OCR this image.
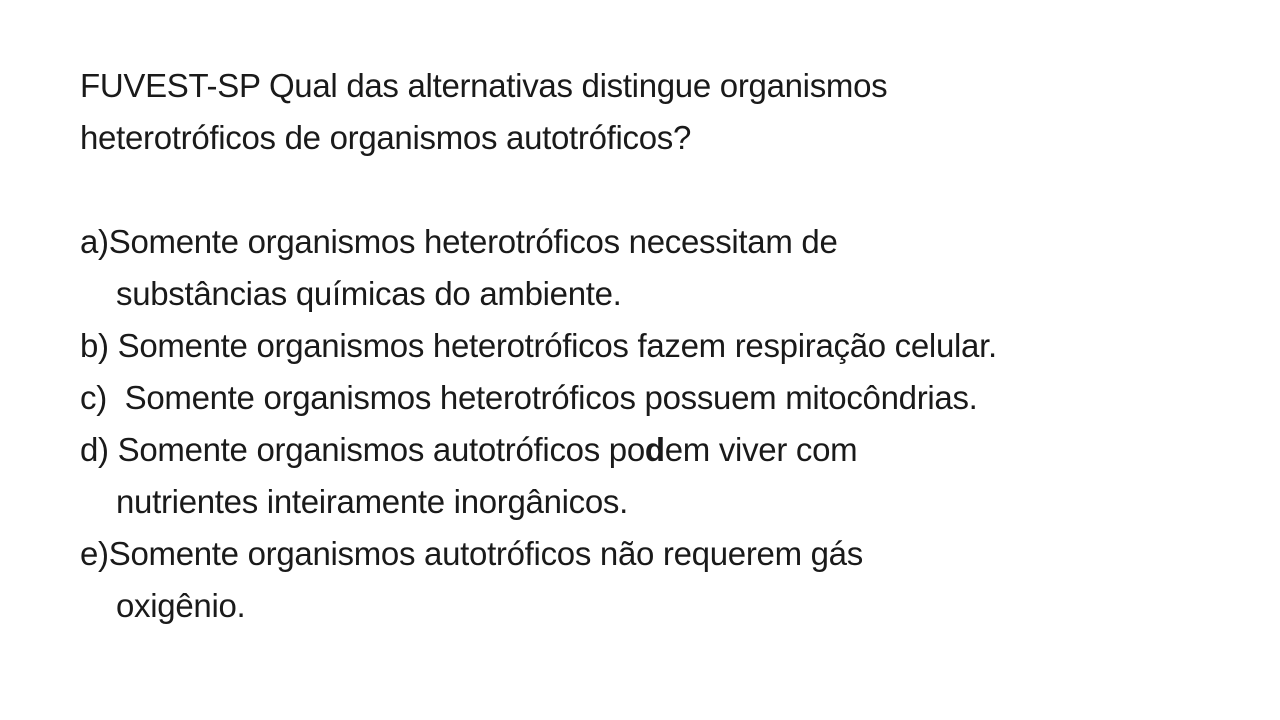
FUVEST-SP Qual das alternativas distingue organismos
heterotróficos de organismos autotróficos?

a)Somente organismos heterotróficos necessitam de
substâncias químicas do ambiente.
b) Somente organismos heterotróficos fazem respiração celular.
c)  Somente organismos heterotróficos possuem mitocôndrias.
d) Somente organismos autotróficos podem viver com
nutrientes inteiramente inorgânicos.
e)Somente organismos autotróficos não requerem gás
oxigênio.
